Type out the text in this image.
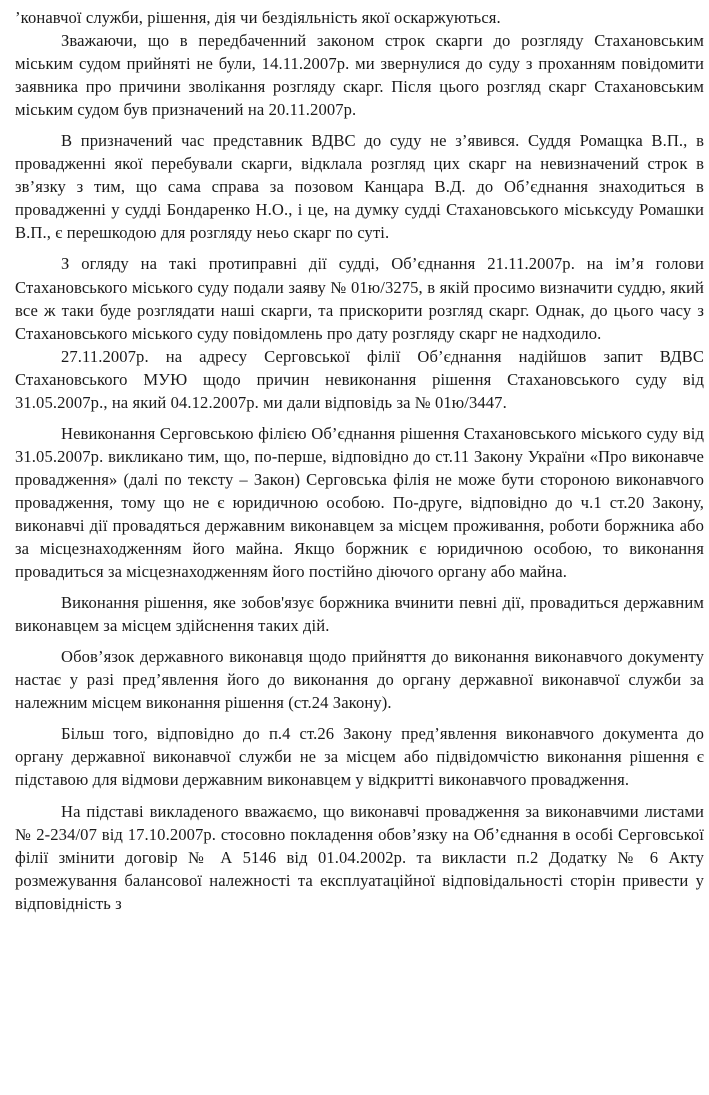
’конавчої служби, рішення, дія чи бездіяльність якої оскаржуються.

Зважаючи, що в передбаченний законом строк скарги до розгляду Стахановським міським судом прийняті не були, 14.11.2007р. ми звернулися до суду з проханням повідомити заявника про причини зволікання розгляду скарг. Після цього розгляд скарг Стахановським міським судом був призначений на 20.11.2007р.

В призначений час представник ВДВС до суду не з’явився. Суддя Ромащка В.П., в провадженні якої перебували скарги, відклала розгляд цих скарг на невизначений строк в зв’язку з тим, що сама справа за позовом Канцара В.Д. до Об’єднання знаходиться в провадженні у судді Бондаренко Н.О., і це, на думку судді Стахановського міськсуду Ромашки В.П., є перешкодою для розгляду неьо скарг по суті.

З огляду на такі протиправні дії судді, Об’єднання 21.11.2007р. на ім’я голови Стахановського міського суду подали заяву № 01ю/3275, в якій просимо визначити суддю, який все ж таки буде розглядати наші скарги, та прискорити розгляд скарг. Однак, до цього часу з Стахановського міського суду повідомлень про дату розгляду скарг не надходило.

27.11.2007р. на адресу Сергoвської філії Об’єднання надійшов запит ВДВС Стахановського МУЮ щодо причин невиконання рішення Стахановського суду від 31.05.2007р., на який 04.12.2007р. ми дали відповідь за № 01ю/3447.

Невиконання Сергoвською філією Об’єднання рішення Стахановського міського суду від 31.05.2007р. викликано тим, що, по-перше, відповідно до ст.11 Закону України «Про виконавче провадження» (далі по тексту – Закон) Сергoвська філія не може бути стороною виконавчого провадження, тому що не є юридичною особою. По-друге, відповідно до ч.1 ст.20 Закону, виконавчі дії провадяться державним виконавцем за місцем проживання, роботи боржника або за місцезнаходженням його майна. Якщо боржник є юридичною особою, то виконання провадиться за місцезнаходженням його постійно діючого органу або майна.

Виконання рішення, яке зобов'язує боржника вчинити певні дії, провадиться державним виконавцем за місцем здійснення таких дій.

Обов’язок державного виконавця щодо прийняття до виконання виконавчого документу настає у разі пред’явлення його до виконання до органу державної виконавчої служби за належним місцем виконання рішення (ст.24 Закону).

Більш того, відповідно до п.4 ст.26 Закону пред’явлення виконавчого документа до органу державної виконавчої служби не за місцем або підвідомчістю виконання рішення є підставою для відмови державним виконавцем у відкритті виконавчого провадження.

На підставі викладеного вважаємо, що виконавчі провадження за виконавчими листами № 2-234/07 від 17.10.2007р. стосовно покладення обов’язку на Об’єднання в особі Сергoвської філії змінити договір № А 5146 від 01.04.2002р. та викласти п.2 Додатку № 6 Акту розмежування балансової належності та експлуатаційної відповідальності сторін привести у відповідність з
